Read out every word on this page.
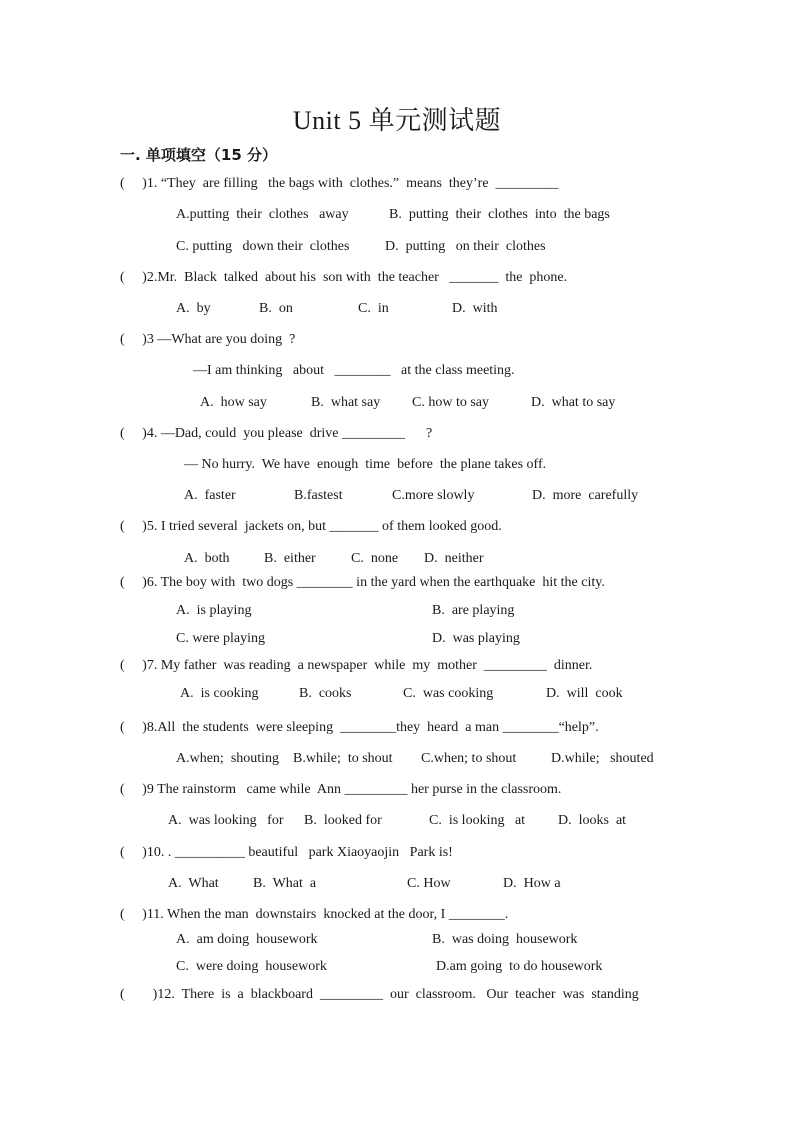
Unit 5 单元测试题
一. 单项填空（15 分）
(     )1. “They  are filling   the bags with  clothes.”  means  they’re  _________
A.putting  their  clothes   away	B.  putting  their  clothes  into  the bags
C. putting   down their  clothes	D.  putting   on their  clothes
(     )2.Mr.  Black  talked  about his  son with  the teacher   _______  the  phone.
A.  by	B.  on	C.  in	D.  with
(     )3 —What are you doing  ?
—I am thinking   about   ________   at the class meeting.
A.  how say	B.  what say C. how to say	D.  what to say
(     )4. —Dad, could  you please  drive _________      ?
— No hurry.  We have  enough  time  before  the plane takes off.
A.  faster	B.fastest	C.more slowly	D.  more  carefully
(     )5. I tried several  jackets on, but _______ of them looked good.
A.  both B.  either	C.  none D.  neither
(     )6. The boy with  two dogs ________ in the yard when the earthquake  hit the city.
A.  is playing	B.  are playing
C. were playing	D.  was playing
(     )7. My father  was reading  a newspaper  while  my  mother  _________  dinner.
A.  is cooking	B.  cooks	C.  was cooking	D.  will  cook
(     )8.All  the students  were sleeping  ________they  heard  a man ________“help”.
A.when;  shouting B.while;  to shout C.when; to shout D.while;   shouted
(     )9 The rainstorm   came while  Ann _________ her purse in the classroom.
A.  was looking   for B.  looked for	C.  is looking   at D.  looks  at
(     )10. . __________ beautiful   park Xiaoyaojin   Park is!
A.  What B.  What  a	C. How	D.  How a
(     )11. When the man  downstairs  knocked at the door, I ________.
A.  am doing  housework	B.  was doing  housework
C.  were doing  housework	D.am going  to do housework
(        )12.  There  is  a  blackboard  _________  our  classroom.   Our  teacher  was  standing
